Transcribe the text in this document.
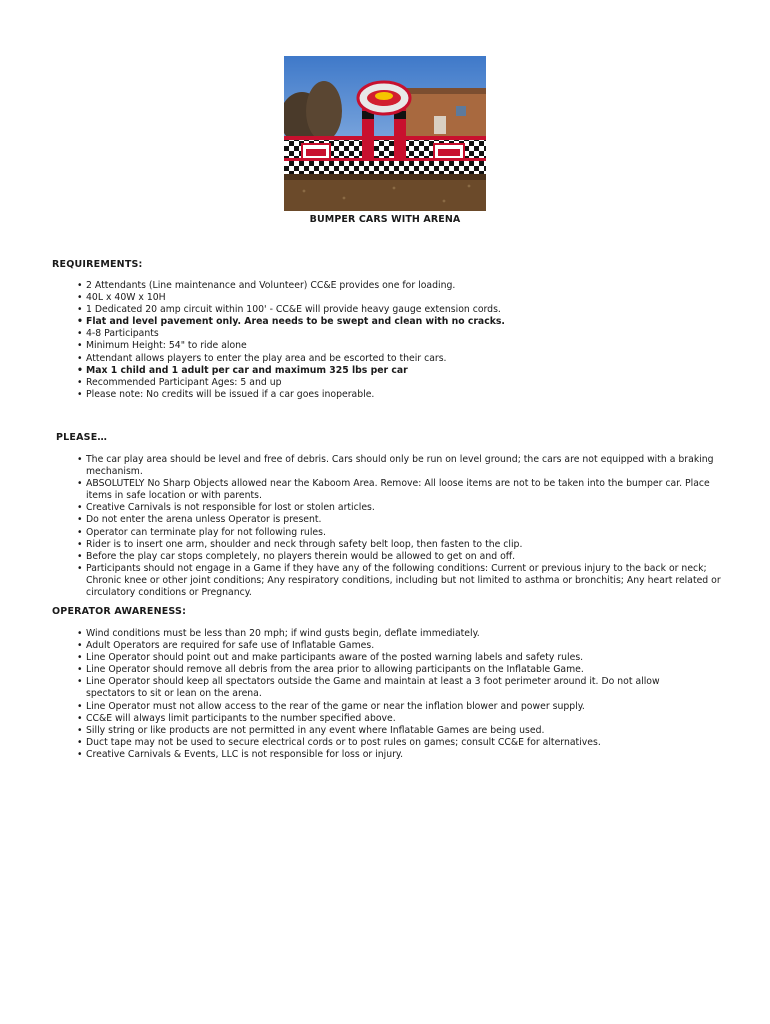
BUMPER CARS WITH ARENA
REQUIREMENTS:
• 2 Attendants (Line maintenance and Volunteer) CC&E provides one for loading.
• 40L x 40W x 10H
• 1 Dedicated 20 amp circuit within 100' - CC&E will provide heavy gauge extension cords.
• Flat and level pavement only. Area needs to be swept and clean with no cracks.
• 4-8 Participants
• Minimum Height: 54" to ride alone
• Attendant allows players to enter the play area and be escorted to their cars.
• Max 1 child and 1 adult per car and maximum 325 lbs per car
• Recommended Participant Ages: 5 and up
• Please note: No credits will be issued if a car goes inoperable.
PLEASE…
• The car play area should be level and free of debris. Cars should only be run on level ground; the cars are not equipped with a braking mechanism.
• ABSOLUTELY No Sharp Objects allowed near the Kaboom Area. Remove: All loose items are not to be taken into the bumper car. Place items in safe location or with parents.
• Creative Carnivals is not responsible for lost or stolen articles.
• Do not enter the arena unless Operator is present.
• Operator can terminate play for not following rules.
• Rider is to insert one arm, shoulder and neck through safety belt loop, then fasten to the clip.
• Before the play car stops completely, no players therein would be allowed to get on and off.
• Participants should not engage in a Game if they have any of the following conditions: Current or previous injury to the back or neck; Chronic knee or other joint conditions; Any respiratory conditions, including but not limited to asthma or bronchitis; Any heart related or circulatory conditions or Pregnancy.
OPERATOR AWARENESS:
• Wind conditions must be less than 20 mph; if wind gusts begin, deflate immediately.
• Adult Operators are required for safe use of Inflatable Games.
• Line Operator should point out and make participants aware of the posted warning labels and safety rules.
• Line Operator should remove all debris from the area prior to allowing participants on the Inflatable Game.
• Line Operator should keep all spectators outside the Game and maintain at least a 3 foot perimeter around it. Do not allow spectators to sit or lean on the arena.
• Line Operator must not allow access to the rear of the game or near the inflation blower and power supply.
• CC&E will always limit participants to the number specified above.
• Silly string or like products are not permitted in any event where Inflatable Games are being used.
• Duct tape may not be used to secure electrical cords or to post rules on games; consult CC&E for alternatives.
• Creative Carnivals & Events, LLC is not responsible for loss or injury.
